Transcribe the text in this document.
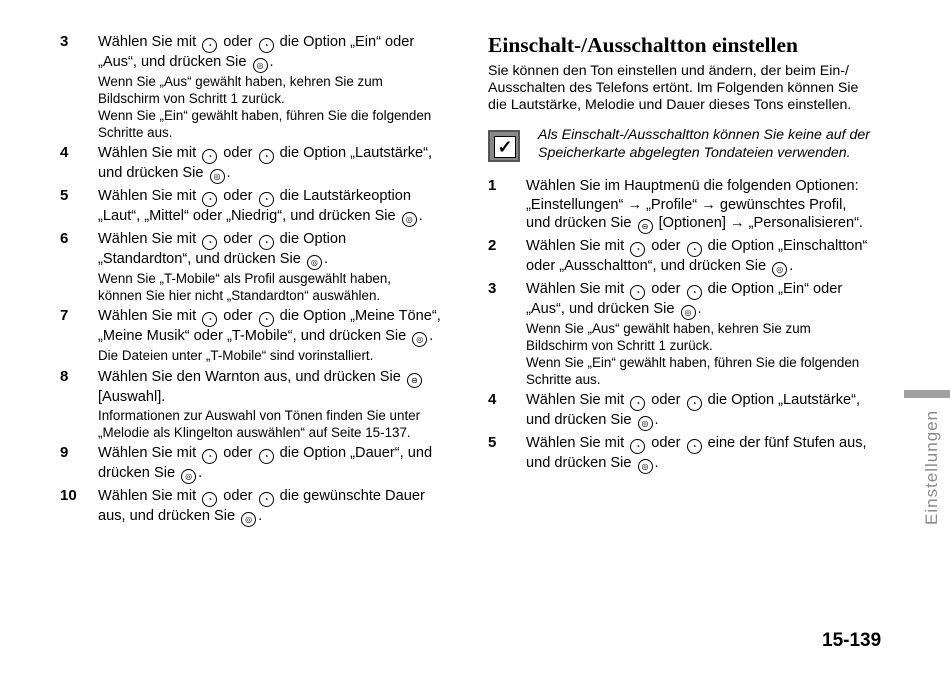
3 Wählen Sie mit ◔ oder ◔ die Option „Ein“ oder
„Aus“, und drücken Sie ◎ .
Wenn Sie „Aus“ gewählt haben, kehren Sie zum
Bildschirm von Schritt 1 zurück.
Wenn Sie „Ein“ gewählt haben, führen Sie die folgenden
Schritte aus.
4 Wählen Sie mit ◔ oder ◔ die Option „Lautstärke“,
und drücken Sie ◎ .
5 Wählen Sie mit ◔ oder ◔ die Lautstärkeoption
„Laut“, „Mittel“ oder „Niedrig“, und drücken Sie ◎ .
6 Wählen Sie mit ◔ oder ◔ die Option
„Standardton“, und drücken Sie ◎ .
Wenn Sie „T-Mobile“ als Profil ausgewählt haben,
können Sie hier nicht „Standardton“ auswählen.
7 Wählen Sie mit ◔ oder ◔ die Option „Meine Töne“,
„Meine Musik“ oder „T-Mobile“, und drücken Sie ◎ .
Die Dateien unter „T-Mobile“ sind vorinstalliert.
8 Wählen Sie den Warnton aus, und drücken Sie ⊖
[Auswahl].
Informationen zur Auswahl von Tönen finden Sie unter
„Melodie als Klingelton auswählen“ auf Seite 15-137.
9 Wählen Sie mit ◔ oder ◔ die Option „Dauer“, und
drücken Sie ◎ .
10 Wählen Sie mit ◔ oder ◔ die gewünschte Dauer
aus, und drücken Sie ◎ .
Einschalt-/Ausschaltton einstellen
Sie können den Ton einstellen und ändern, der beim Ein-/
Ausschalten des Telefons ertönt. Im Folgenden können Sie
die Lautstärke, Melodie und Dauer dieses Tons einstellen.
✓
Als Einschalt-/Ausschaltton können Sie keine auf der
Speicherkarte abgelegten Tondateien verwenden.
1 Wählen Sie im Hauptmenü die folgenden Optionen:
„Einstellungen“ → „Profile“ → gewünschtes Profil,
und drücken Sie ⊖ [Optionen] → „Personalisieren“.
2 Wählen Sie mit ◔ oder ◔ die Option „Einschaltton“
oder „Ausschaltton“, und drücken Sie ◎ .
3 Wählen Sie mit ◔ oder ◔ die Option „Ein“ oder
„Aus“, und drücken Sie ◎ .
Wenn Sie „Aus“ gewählt haben, kehren Sie zum
Bildschirm von Schritt 1 zurück.
Wenn Sie „Ein“ gewählt haben, führen Sie die folgenden
Schritte aus.
4 Wählen Sie mit ◔ oder ◔ die Option „Lautstärke“,
und drücken Sie ◎ .
5 Wählen Sie mit ◔ oder ◔ eine der fünf Stufen aus,
und drücken Sie ◎ .	Einstellungen
15-139
